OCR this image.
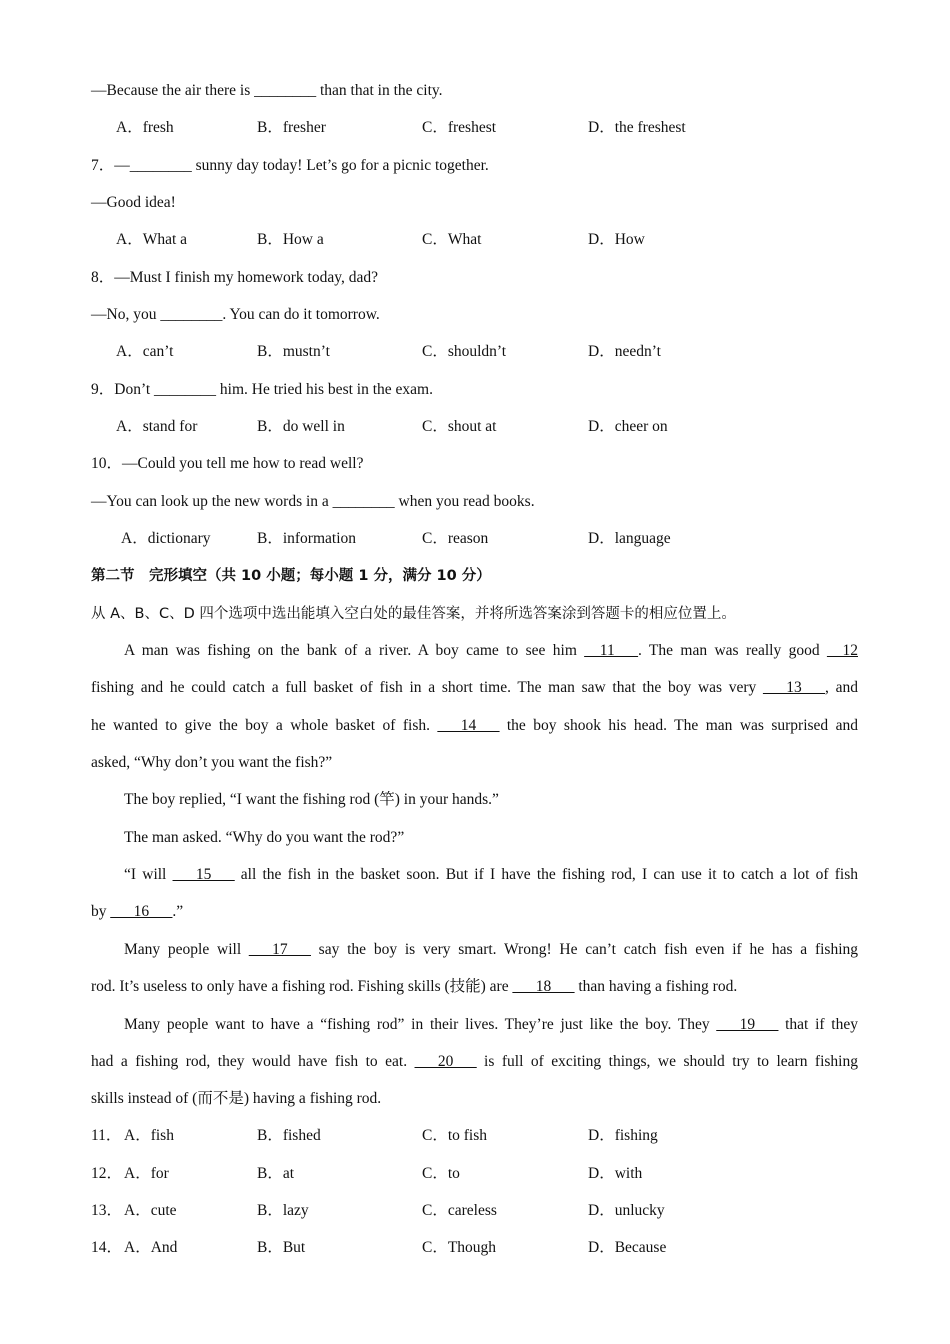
—Because the air there is ________ than that in the city.
A．fresh	B．fresher	C．freshest	D．the freshest
7．—________ sunny day today! Let’s go for a picnic together.
—Good idea!
A．What a	B．How a	C．What	D．How
8．—Must I finish my homework today, dad?
—No, you ________. You can do it tomorrow.
A．can’t	B．mustn’t	C．shouldn’t	D．needn’t
9．Don’t ________ him. He tried his best in the exam.
A．stand for	B．do well in	C．shout at	D．cheer on
10．—Could you tell me how to read well?
—You can look up the new words in a ________ when you read books.
A．dictionary	B．information	C．reason	D．language
第二节　完形填空（共 10 小题；每小题 1 分，满分 10 分）
从 A、B、C、D 四个选项中选出能填入空白处的最佳答案，并将所选答案涂到答题卡的相应位置上。
A man was fishing on the bank of a river. A boy came to see him __11___. The man was really good __12
fishing and he could catch a full basket of fish in a short time. The man saw that the boy was very ___13___, and
he wanted to give the boy a whole basket of fish. ___14___ the boy shook his head. The man was surprised and
asked, “Why don’t you want the fish?”
The boy replied, “I want the fishing rod (竿) in your hands.”
The man asked. “Why do you want the rod?”
“I will ___15___ all the fish in the basket soon. But if I have the fishing rod, I can use it to catch a lot of fish
by ___16___.”
Many people will ___17___ say the boy is very smart. Wrong! He can’t catch fish even if he has a fishing
rod. It’s useless to only have a fishing rod. Fishing skills (技能) are ___18___ than having a fishing rod.
Many people want to have a “fishing rod” in their lives. They’re just like the boy. They ___19___ that if they
had a fishing rod, they would have fish to eat. ___20___ is full of exciting things, we should try to learn fishing
skills instead of (而不是) having a fishing rod.
11． A．fish	B．fished	C．to fish	D．fishing
12． A．for	B．at	C．to	D．with
13． A．cute	B．lazy	C．careless	D．unlucky
14． A．And	B．But	C．Though	D．Because
